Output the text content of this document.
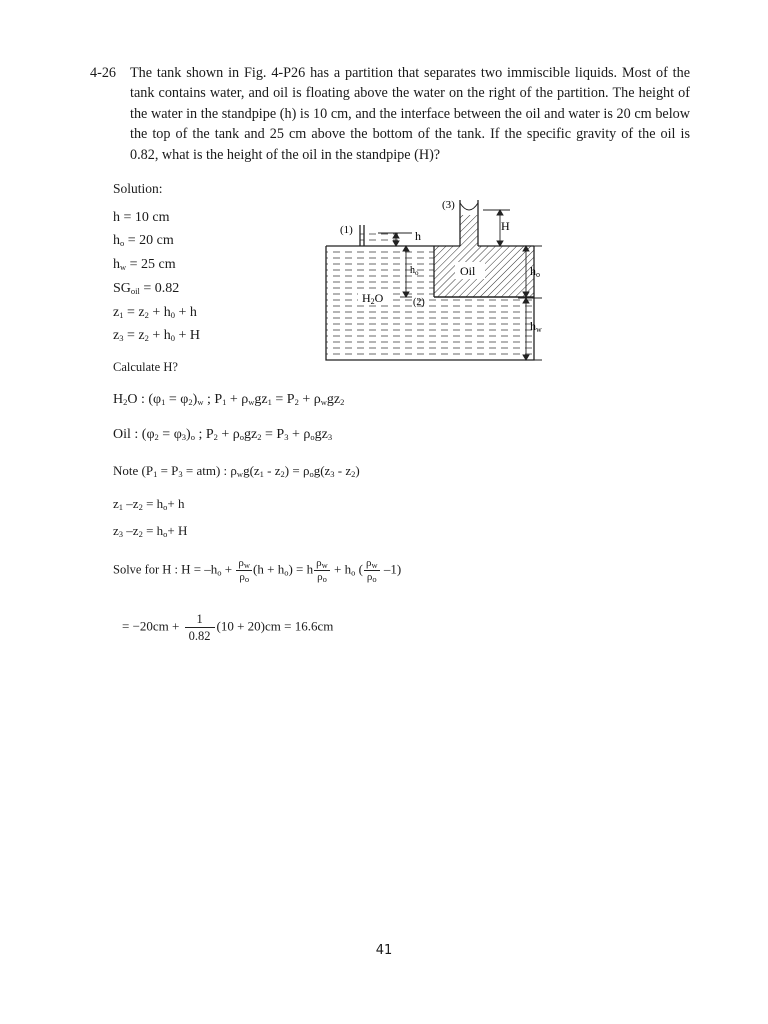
4-26 The tank shown in Fig. 4-P26 has a partition that separates two immiscible liquids. Most of the tank contains water, and oil is floating above the water on the right of the partition. The height of the water in the standpipe (h) is 10 cm, and the interface between the oil and water is 20 cm below the top of the tank and 25 cm above the bottom of the tank. If the specific gravity of the oil is 0.82, what is the height of the oil in the standpipe (H)?
Solution:
h = 10 cm
$h_o = 20$ cm
$h_w = 25$ cm
$SG_{oil} = 0.82$
$z_1 = z_2 + h_0 + h$
$z_3 = z_2 + h_0 + H$
Calculate H?
$H_2O$ : $(\varphi_1 = \varphi_2)_w$ ; $P_1 + \rho_wgz_1 = P_2 + \rho_wgz_2$
Oil : $(\varphi_2 = \varphi_3)_o$ ; $P_2 + \rho_ogz_2 = P_3 + \rho_ogz_3$
Note $(P_1 = P_3 = atm)$ : $\rho_wg(z_1 - z_2) = \rho_og(z_3 - z_2)$
$z_1$ $-z_2 = h_o+ h$
$z_3$ $-z_2 = h_o+ H$
Solve for H : $H = -h_o + \frac{\rho_w}{\rho_o} (h + h_o) = h \frac{\rho_w}{\rho_o} + h_o$ ( $\frac{\rho_w}{\rho_o} -1$)
= $-20cm + \frac{1}{0.82} (10 + 20)cm = 16.6cm$
Oil
H2O
(1)
(2)
(3)
h
H
$h_o$	ho
hw
41
